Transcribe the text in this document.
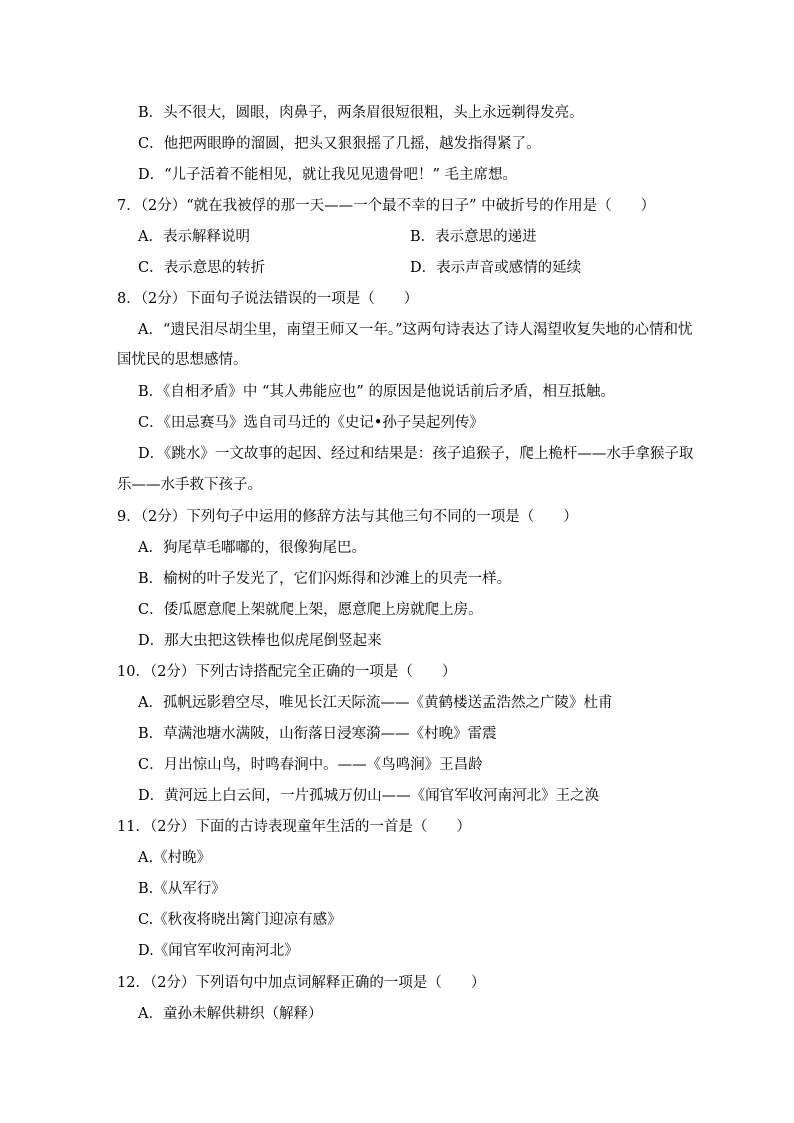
B．头不很大，圆眼，肉鼻子，两条眉很短很粗，头上永远剃得发亮。
C．他把两眼睁的溜圆，把头又狠狠摇了几摇，越发指得紧了。
D．“儿子活着不能相见，就让我见见遗骨吧！” 毛主席想。
7．（2分）“就在我被俘的那一天——一个最不幸的日子” 中破折号的作用是（　　）
A．表示解释说明	B．表示意思的递进
C．表示意思的转折	D．表示声音或感情的延续
8．（2分）下面句子说法错误的一项是（　　）
A．“遗民泪尽胡尘里，南望王师又一年。”这两句诗表达了诗人渴望收复失地的心情和忧
国忧民的思想感情。
B．《自相矛盾》中 “其人弗能应也” 的原因是他说话前后矛盾，相互抵触。
C．《田忌赛马》选自司马迁的《史记•孙子吴起列传》
D．《跳水》一文故事的起因、经过和结果是：孩子追猴子，爬上桅杆——水手拿猴子取
乐——水手救下孩子。
9．（2分）下列句子中运用的修辞方法与其他三句不同的一项是（　　）
A．狗尾草毛嘟嘟的，很像狗尾巴。
B．榆树的叶子发光了，它们闪烁得和沙滩上的贝壳一样。
C．倭瓜愿意爬上架就爬上架，愿意爬上房就爬上房。
D．那大虫把这铁棒也似虎尾倒竖起来
10．（2分）下列古诗搭配完全正确的一项是（　　）
A．孤帆远影碧空尽，唯见长江天际流——《黄鹤楼送孟浩然之广陵》杜甫
B．草满池塘水满陂，山衔落日浸寒漪——《村晚》雷震
C．月出惊山鸟，时鸣春涧中。——《鸟鸣涧》王昌龄
D．黄河远上白云间，一片孤城万仞山——《闻官军收河南河北》王之涣
11．（2分）下面的古诗表现童年生活的一首是（　　）
A.《村晚》
B.《从军行》
C.《秋夜将晓出篱门迎凉有感》
D.《闻官军收河南河北》
12．（2分）下列语句中加点词解释正确的一项是（　　）
A．童孙未解供耕织（解释）
